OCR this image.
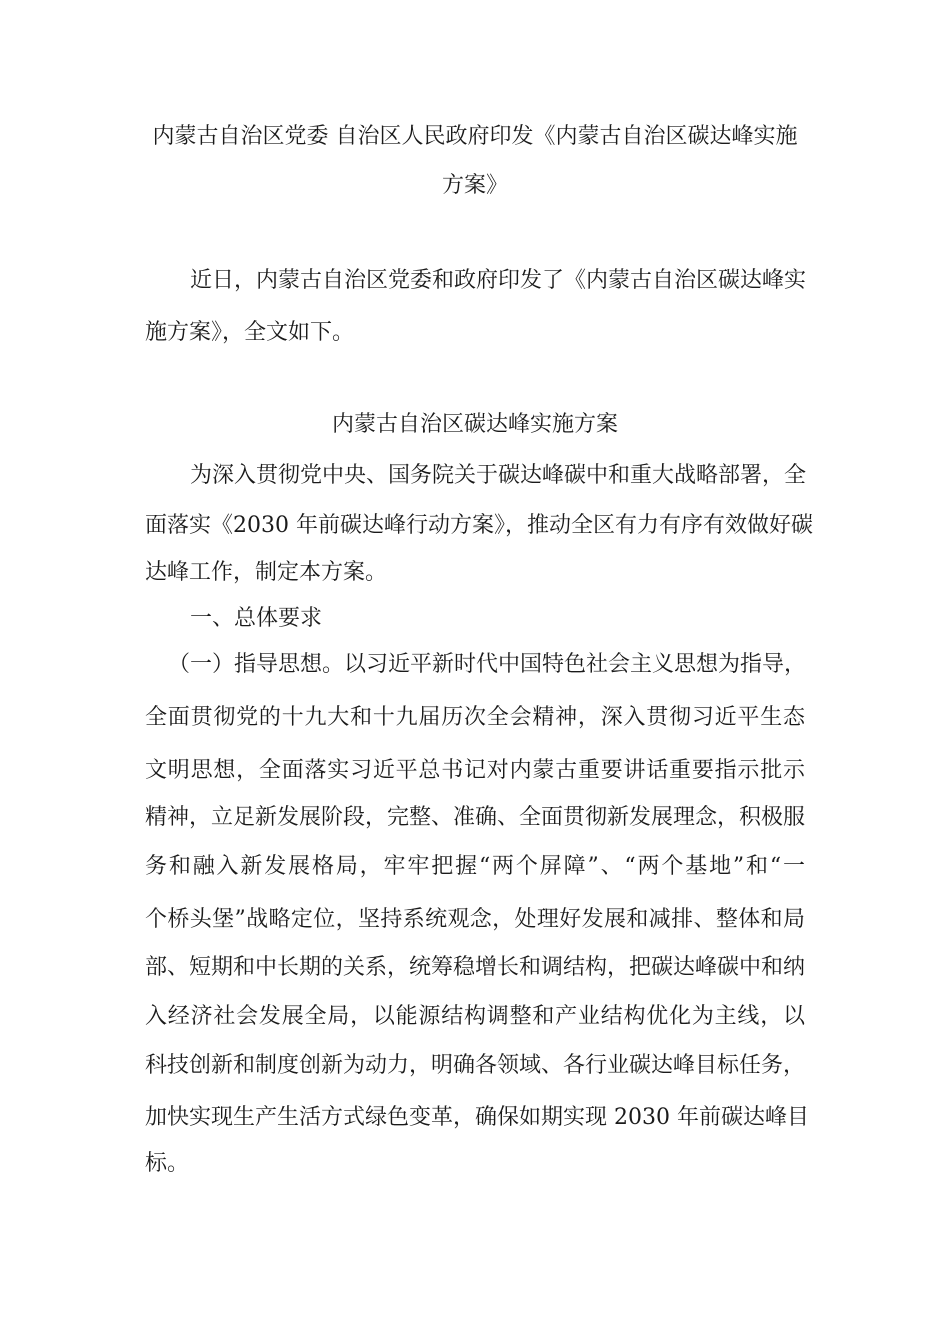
内蒙古自治区党委 自治区人民政府印发《内蒙古自治区碳达峰实施
方案》
近日，内蒙古自治区党委和政府印发了《内蒙古自治区碳达峰实
施方案》，全文如下。
内蒙古自治区碳达峰实施方案
为深入贯彻党中央、国务院关于碳达峰碳中和重大战略部署，全
面落实《2030 年前碳达峰行动方案》，推动全区有力有序有效做好碳
达峰工作，制定本方案。
一、总体要求
（一）指导思想。以习近平新时代中国特色社会主义思想为指导，
全面贯彻党的十九大和十九届历次全会精神，深入贯彻习近平生态
文明思想，全面落实习近平总书记对内蒙古重要讲话重要指示批示
精神，立足新发展阶段，完整、准确、全面贯彻新发展理念，积极服
务和融入新发展格局，牢牢把握“两个屏障”、“两个基地”和“一
个桥头堡”战略定位，坚持系统观念，处理好发展和减排、整体和局
部、短期和中长期的关系，统筹稳增长和调结构，把碳达峰碳中和纳
入经济社会发展全局，以能源结构调整和产业结构优化为主线，以
科技创新和制度创新为动力，明确各领域、各行业碳达峰目标任务，
加快实现生产生活方式绿色变革，确保如期实现 2030 年前碳达峰目
标。
